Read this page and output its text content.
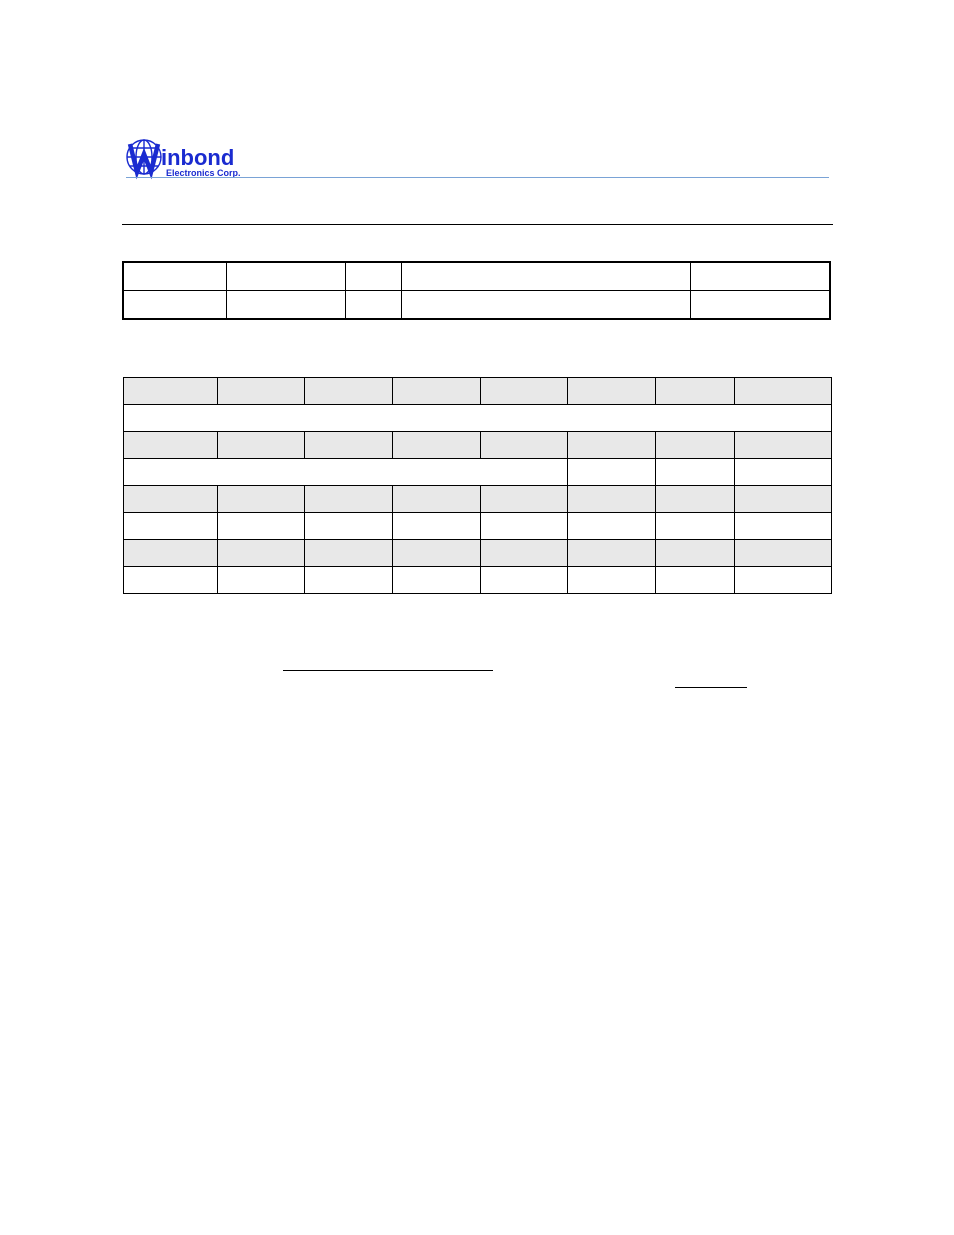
inbond
Electronics Corp.
